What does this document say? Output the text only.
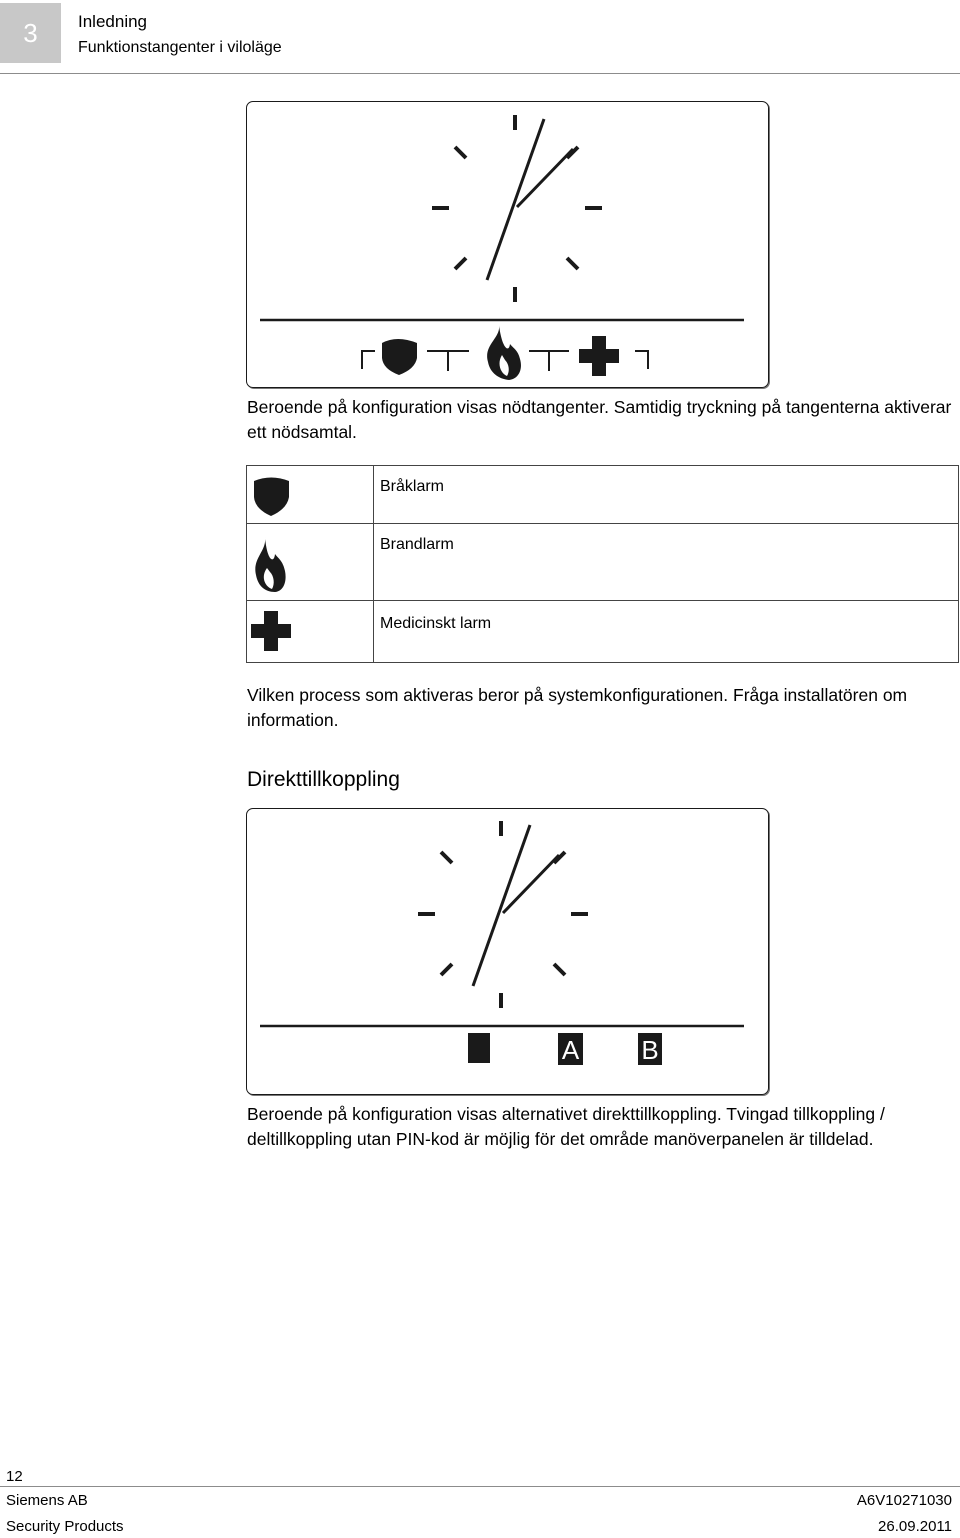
3	Inledning
Funktionstangenter i viloläge
Beroende på konfiguration visas nödtangenter. Samtidig tryckning på tangenterna aktiverar ett nödsamtal.
	Bråklarm
	Brandlarm
	Medicinskt larm
Vilken process som aktiveras beror på systemkonfigurationen. Fråga installatören om information.
Direkttillkoppling
A B
Beroende på konfiguration visas alternativet direkttillkoppling. Tvingad tillkoppling / deltillkoppling utan PIN-kod är möjlig för det område manöverpanelen är tilldelad.
12
Siemens AB
Security Products
A6V10271030
26.09.2011
